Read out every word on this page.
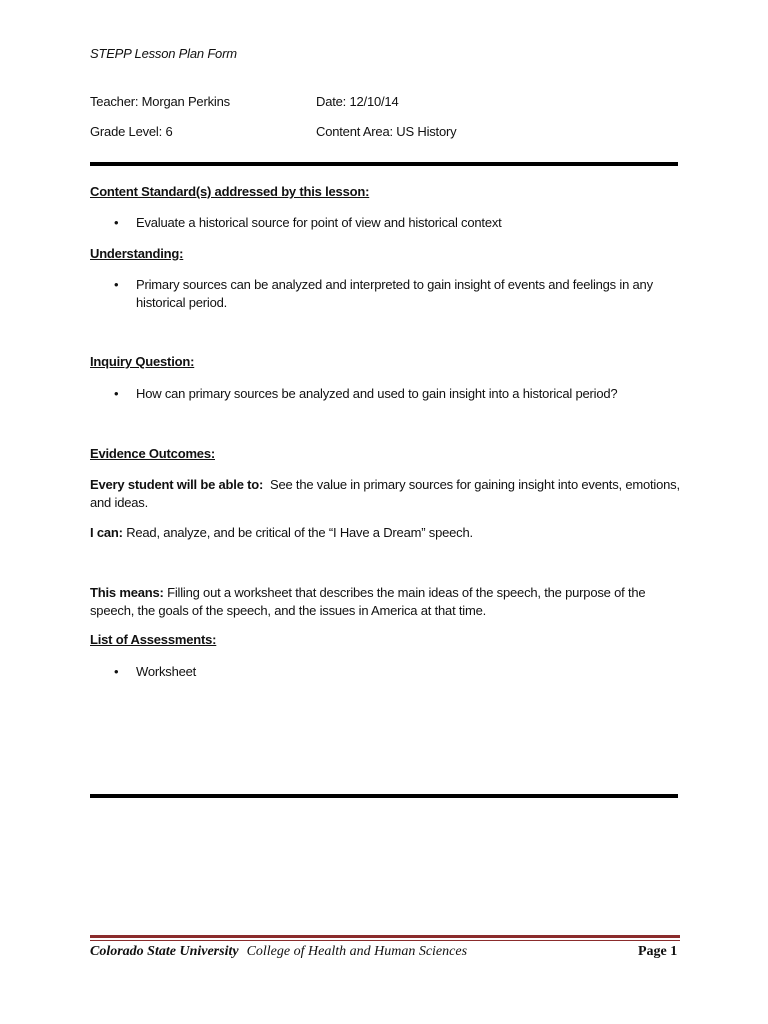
STEPP Lesson Plan Form
Teacher: Morgan Perkins	Date: 12/10/14
Grade Level: 6	Content Area: US History
Content Standard(s) addressed by this lesson:
•	Evaluate a historical source for point of view and historical context
Understanding:
•	Primary sources can be analyzed and interpreted to gain insight of events and feelings in any historical period.
Inquiry Question:
•	How can primary sources be analyzed and used to gain insight into a historical period?
Evidence Outcomes:
Every student will be able to: See the value in primary sources for gaining insight into events, emotions, and ideas.
I can: Read, analyze, and be critical of the “I Have a Dream” speech.
This means: Filling out a worksheet that describes the main ideas of the speech, the purpose of the speech, the goals of the speech, and the issues in America at that time.
List of Assessments:
•	Worksheet
Colorado State University College of Health and Human Sciences	Page 1
